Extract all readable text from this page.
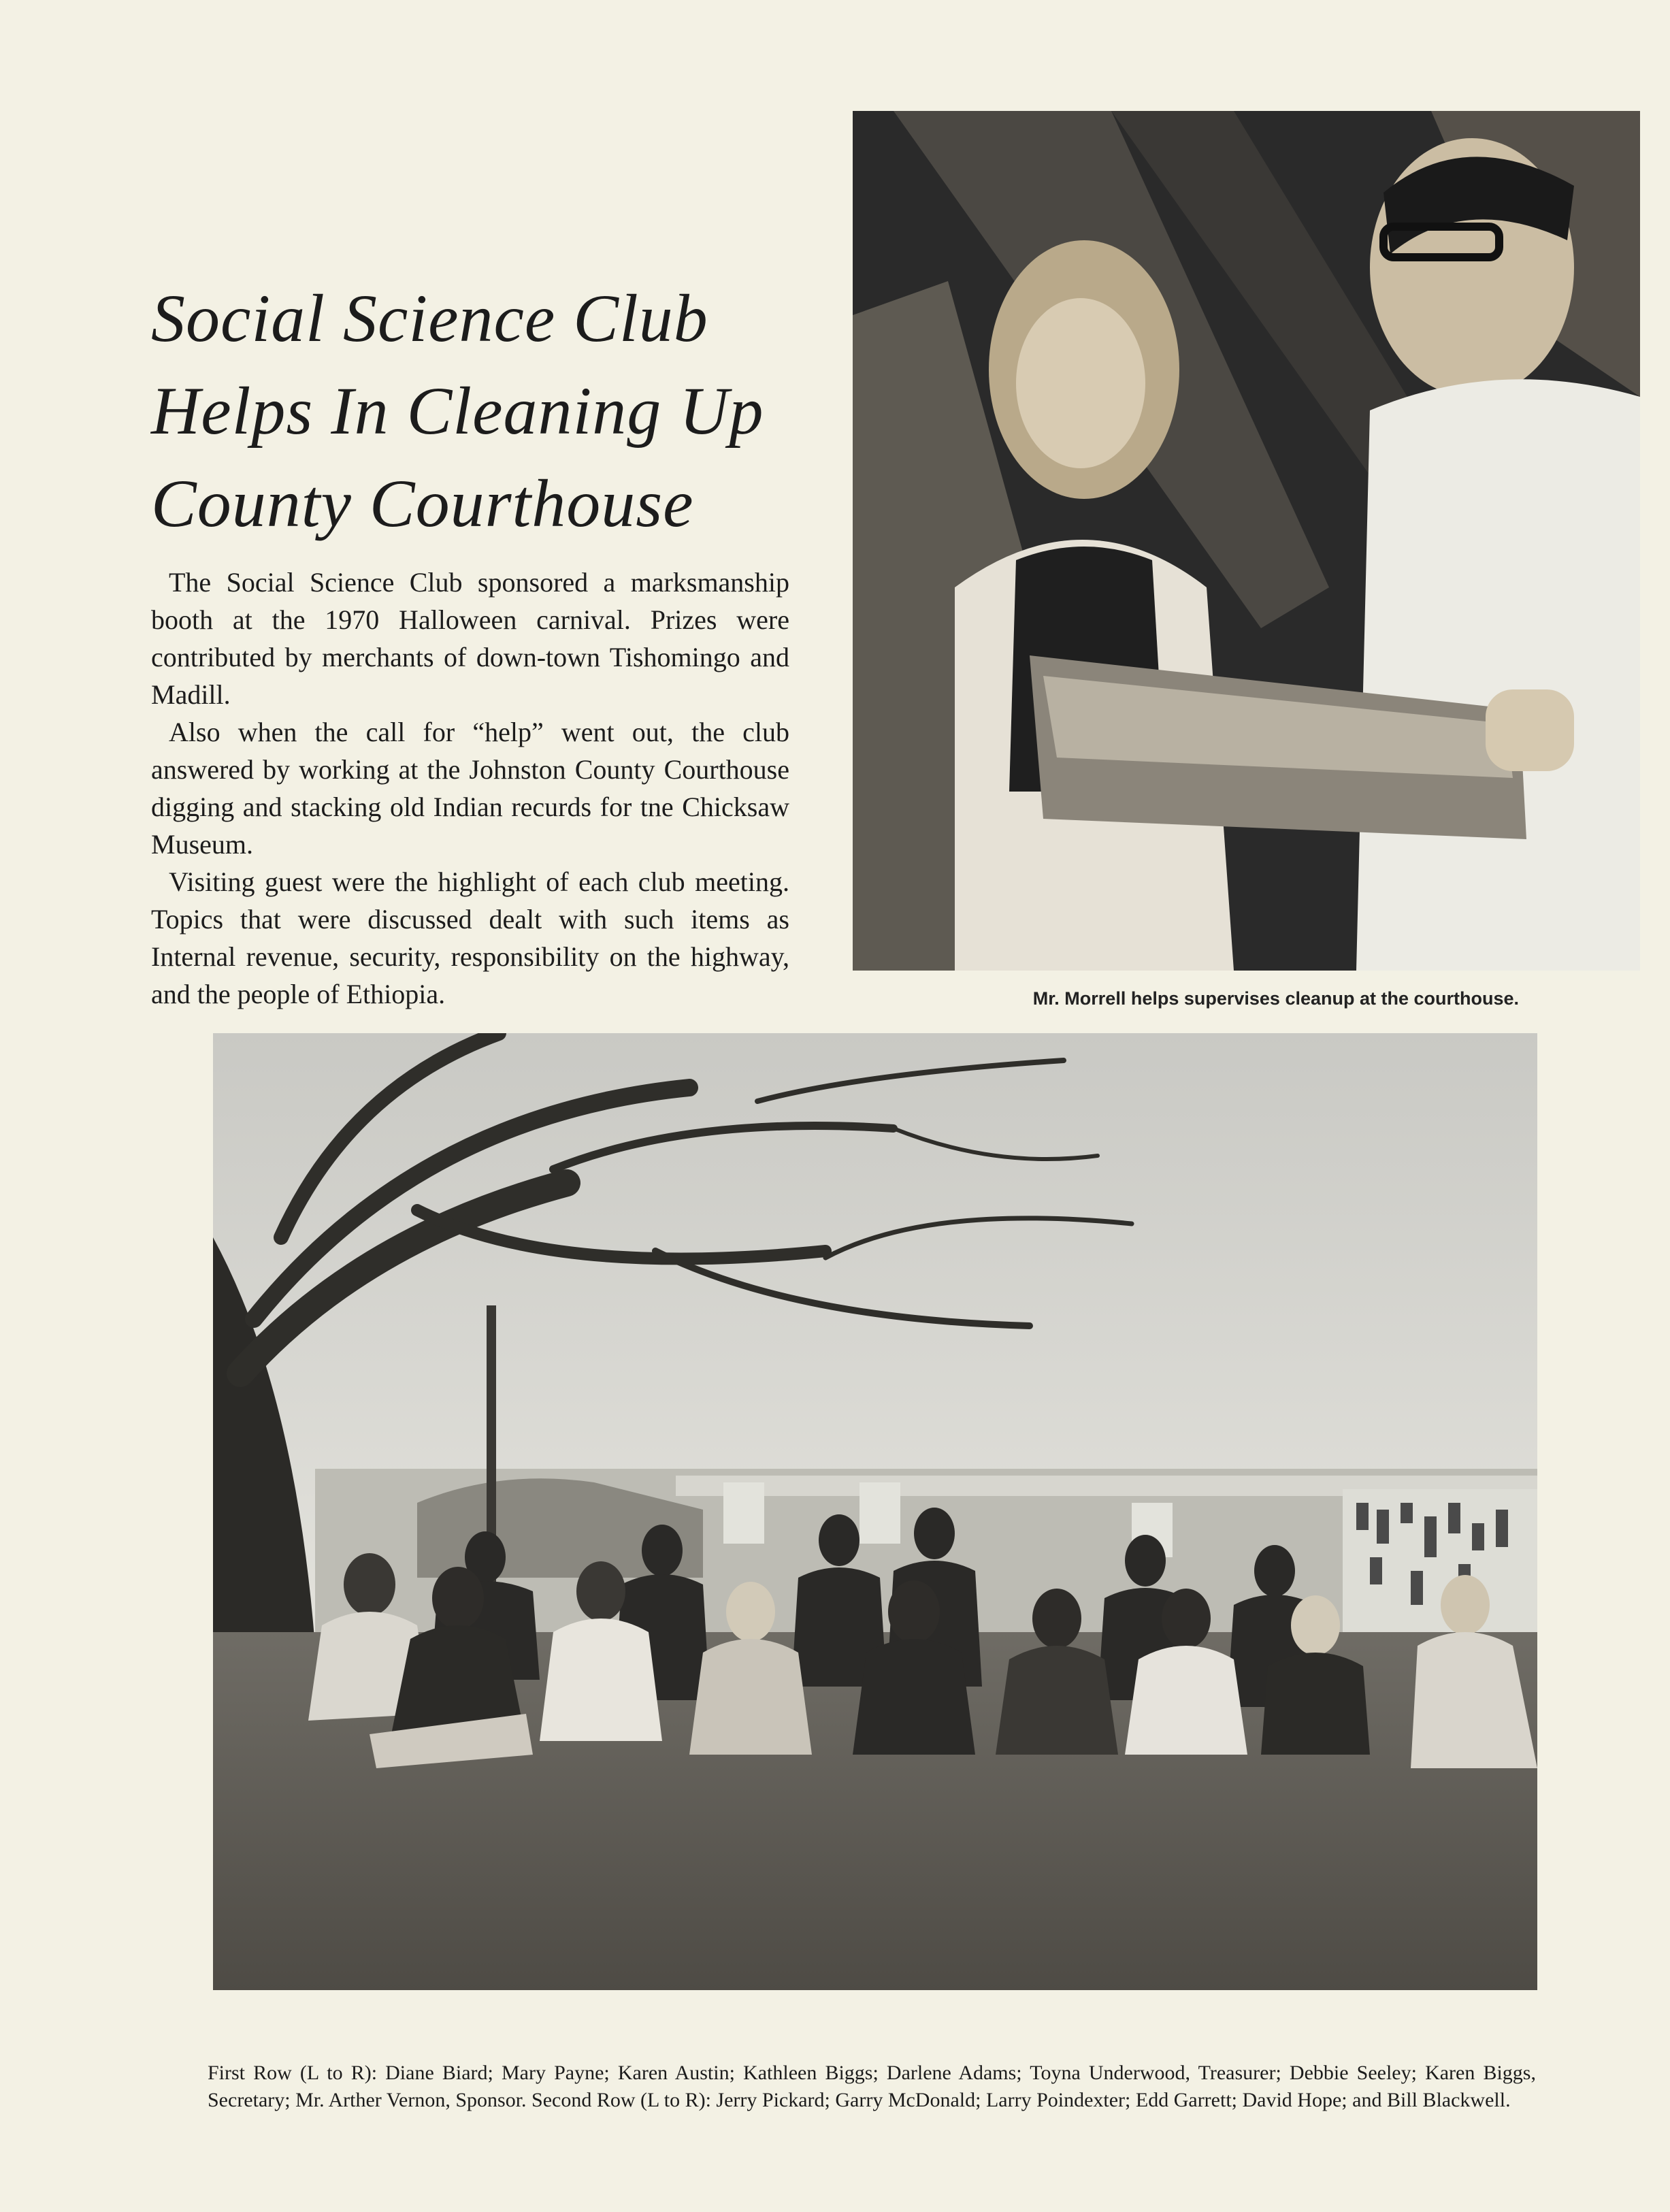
Social Science Club
Helps In Cleaning Up
County Courthouse

The Social Science Club sponsored a marksmanship booth at the 1970 Halloween carnival. Prizes were contributed by merchants of down-town Tishomingo and Madill.

Also when the call for “help” went out, the club answered by working at the Johnston County Courthouse digging and stacking old Indian recurds for tne Chicksaw Museum.

Visiting guest were the highlight of each club meeting. Topics that were discussed dealt with such items as Internal revenue, security, responsibility on the highway, and the people of Ethiopia.	Mr. Morrell helps supervises cleanup at the courthouse.
First Row (L to R): Diane Biard; Mary Payne; Karen Austin; Kathleen Biggs; Darlene Adams; Toyna Underwood, Treasurer; Debbie Seeley; Karen Biggs, Secretary; Mr. Arther Vernon, Sponsor. Second Row (L to R): Jerry Pickard; Garry McDonald; Larry Poindexter; Edd Garrett; David Hope; and Bill Blackwell.
